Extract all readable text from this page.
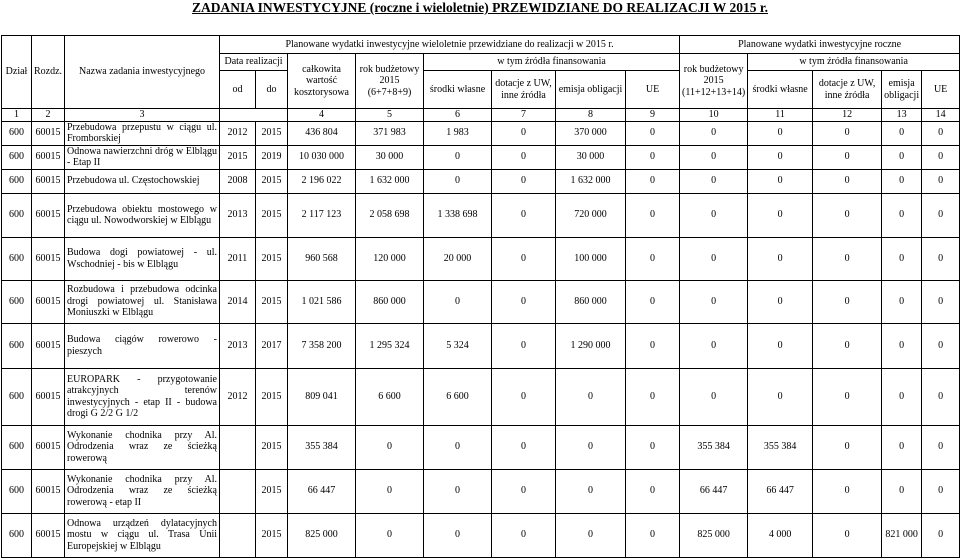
ZADANIA INWESTYCYJNE (roczne i wieloletnie) PRZEWIDZIANE DO REALIZACJI W 2015 r.
Dział	Rozdz.	Nazwa zadania inwestycyjnego	Planowane wydatki inwestycyjne wieloletnie przewidziane do realizacji w 2015 r.								Planowane wydatki inwestycyjne roczne				
			Data realizacji		całkowita wartość kosztorysowa	rok budżetowy 2015 (6+7+8+9)	w tym źródła finansowania				rok budżetowy 2015 (11+12+13+14)	w tym źródła finansowania			
			od	do			środki własne	dotacje z UW, inne źródła	emisja obligacji	UE		środki własne	dotacje z UW, inne źródła	emisja obligacji	UE
1	2	3			4	5	6	7	8	9	10	11	12	13	14
600	60015	Przebudowa przepustu w ciągu ul. Fromborskiej	2012	2015	436 804	371 983	1 983	0	370 000	0	0	0	0	0	0
600	60015	Odnowa nawierzchni dróg w Elblągu - Etap II	2015	2019	10 030 000	30 000	0	0	30 000	0	0	0	0	0	0
600	60015	Przebudowa ul. Częstochowskiej	2008	2015	2 196 022	1 632 000	0	0	1 632 000	0	0	0	0	0	0
600	60015	Przebudowa obiektu mostowego w ciągu ul. Nowodworskiej w Elblągu	2013	2015	2 117 123	2 058 698	1 338 698	0	720 000	0	0	0	0	0	0
600	60015	Budowa dogi powiatowej - ul. Wschodniej - bis w Elblągu	2011	2015	960 568	120 000	20 000	0	100 000	0	0	0	0	0	0
600	60015	Rozbudowa i przebudowa odcinka drogi powiatowej ul. Stanisława Moniuszki w Elblągu	2014	2015	1 021 586	860 000	0	0	860 000	0	0	0	0	0	0
600	60015	Budowa ciągów rowerowo - pieszych	2013	2017	7 358 200	1 295 324	5 324	0	1 290 000	0	0	0	0	0	0
600	60015	EUROPARK - przygotowanie atrakcyjnych terenów inwestycyjnych - etap II - budowa drogi G 2/2 G 1/2	2012	2015	809 041	6 600	6 600	0	0	0	0	0	0	0	0
600	60015	Wykonanie chodnika przy Al. Odrodzenia wraz ze ścieżką rowerową		2015	355 384	0	0	0	0	0	355 384	355 384	0	0	0
600	60015	Wykonanie chodnika przy Al. Odrodzenia wraz ze ścieżką rowerową - etap II		2015	66 447	0	0	0	0	0	66 447	66 447	0	0	0
600	60015	Odnowa urządzeń dylatacyjnych mostu w ciągu ul. Trasa Unii Europejskiej w Elblągu		2015	825 000	0	0	0	0	0	825 000	4 000	0	821 000	0
